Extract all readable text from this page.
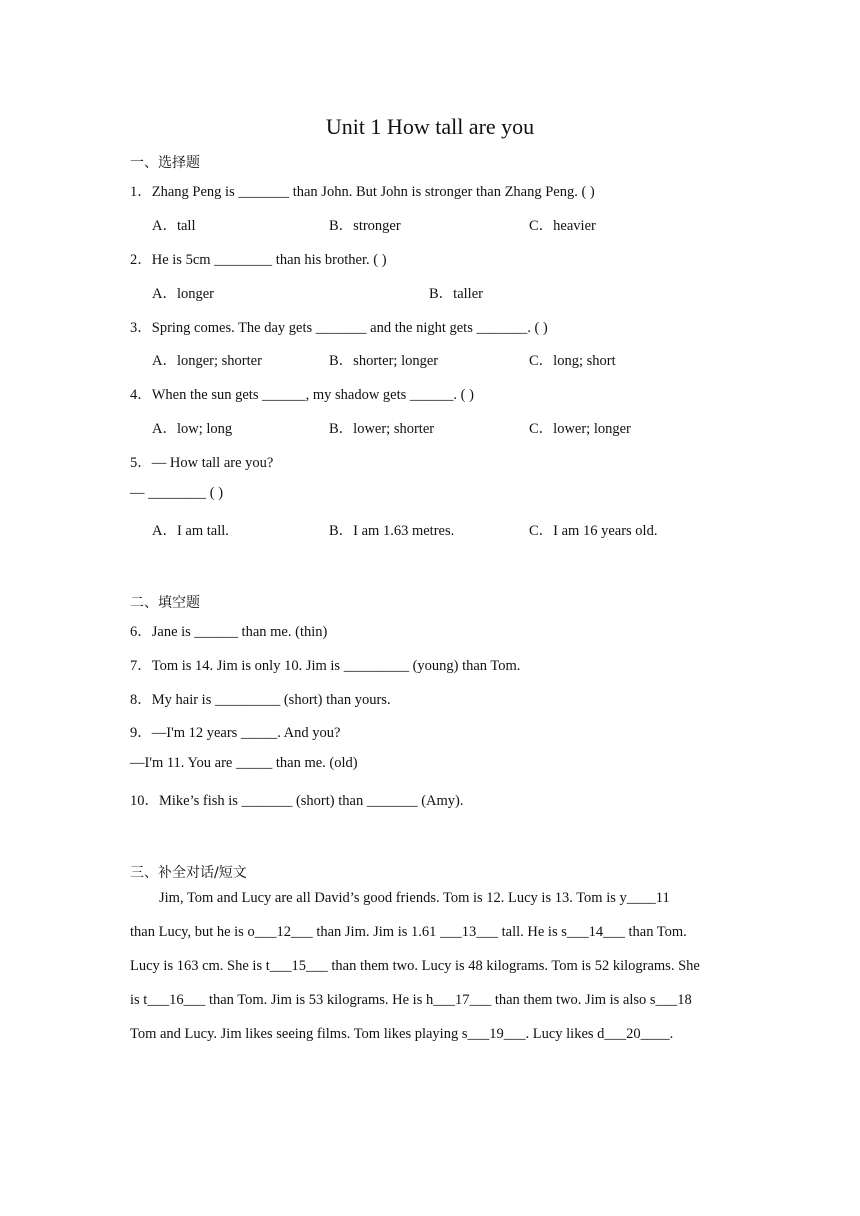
Unit 1 How tall are you
一、选择题
1．Zhang Peng is _______ than John. But John is stronger than Zhang Peng. ( )
A．tall	B．stronger	C．heavier
2．He is 5cm ________ than his brother. ( )
A．longer	B．taller
3．Spring comes. The day gets _______ and the night gets _______. ( )
A．longer; shorter	B．shorter; longer	C．long; short
4．When the sun gets ______, my shadow gets ______. ( )
A．low; long	B．lower; shorter	C．lower; longer
5．— How tall are you?
— ________ ( )
A．I am tall.	B．I am 1.63 metres.	C．I am 16 years old.
二、填空题
6．Jane is ______ than me. (thin)
7．Tom is 14. Jim is only 10. Jim is _________ (young) than Tom.
8．My hair is _________ (short) than yours.
9．—I'm 12 years _____. And you?
—I'm 11. You are _____ than me. (old)
10．Mike’s fish is _______ (short) than _______ (Amy).
三、补全对话/短文
Jim, Tom and Lucy are all David’s good friends. Tom is 12. Lucy is 13. Tom is y____11
than Lucy, but he is o___12___ than Jim. Jim is 1.61 ___13___ tall. He is s___14___ than Tom.
Lucy is 163 cm. She is t___15___ than them two. Lucy is 48 kilograms. Tom is 52 kilograms. She
is t___16___ than Tom. Jim is 53 kilograms. He is h___17___ than them two. Jim is also s___18
Tom and Lucy. Jim likes seeing films. Tom likes playing s___19___. Lucy likes d___20____.
